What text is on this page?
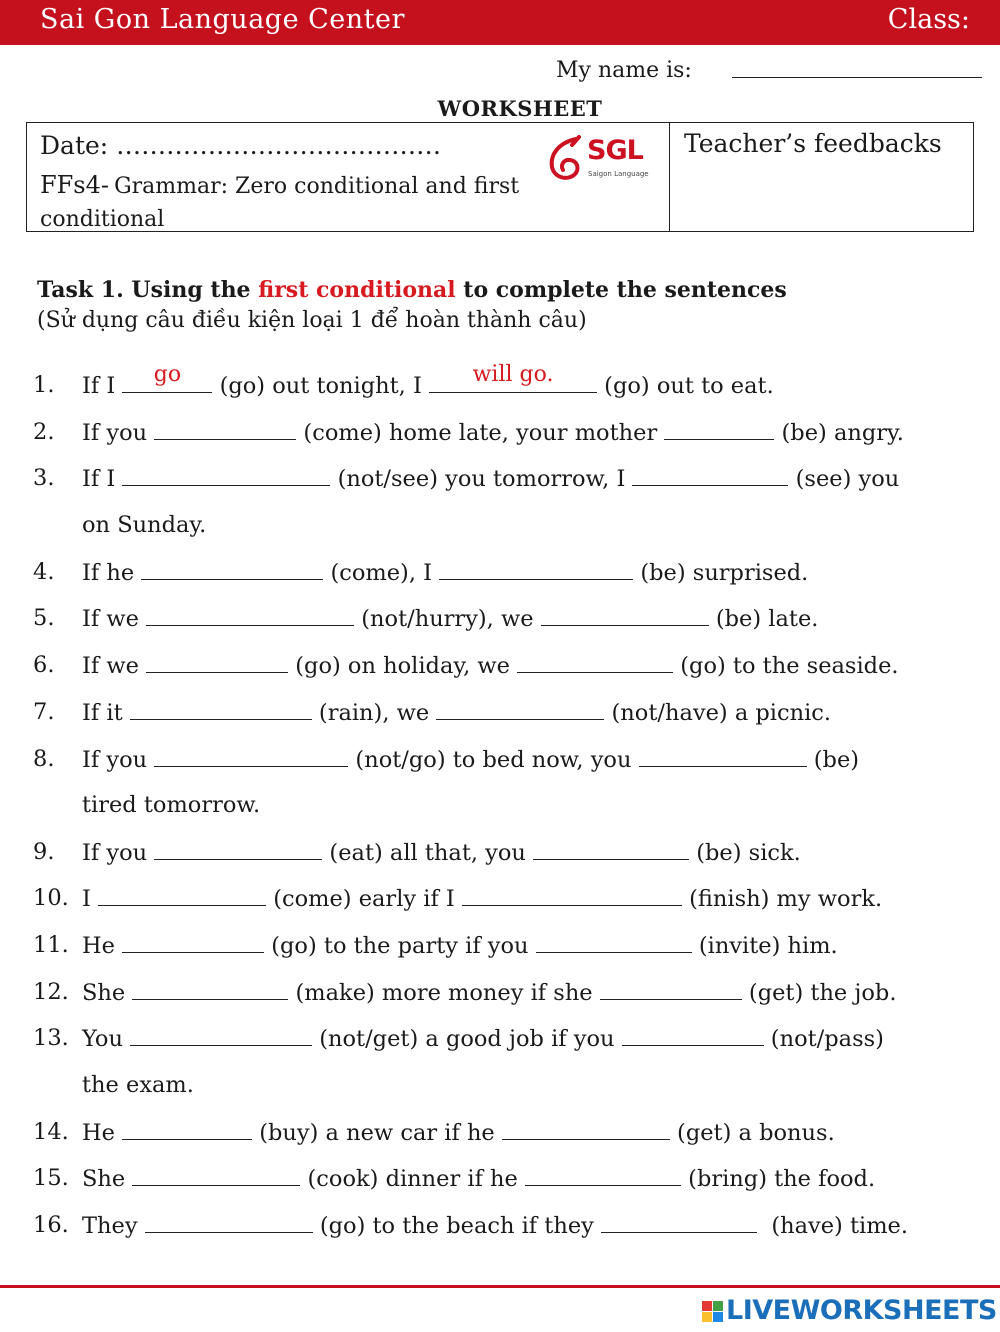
Sai Gon Language Center	Class:
My name is:
WORKSHEET
Date: …………………………………
FFs4- Grammar: Zero conditional and first conditional
Teacher’s feedbacks
SGL
Saigon Language
Task 1. Using the first conditional to complete the sentences
(Sử dụng câu điều kiện loại 1 để hoàn thành câu)
1. If I	go	(go) out tonight, I	will go.	(go) out to eat.
2. If you	(come) home late, your mother	(be) angry.
3. If I	(not/see) you tomorrow, I	(see) you
on Sunday.
4. If he	(come), I	(be) surprised.
5. If we	(not/hurry), we	(be) late.
6. If we	(go) on holiday, we	(go) to the seaside.
7. If it	(rain), we	(not/have) a picnic.
8. If you	(not/go) to bed now, you	(be)
tired tomorrow.
9. If you	(eat) all that, you	(be) sick.
10. I	(come) early if I	(finish) my work.
11. He	(go) to the party if you	(invite) him.
12. She	(make) more money if she	(get) the job.
13. You	(not/get) a good job if you	(not/pass)
the exam.
14. He	(buy) a new car if he	(get) a bonus.
15. She	(cook) dinner if he	(bring) the food.
16. They	(go) to the beach if they	(have) time.
LIVEWORKSHEETS
